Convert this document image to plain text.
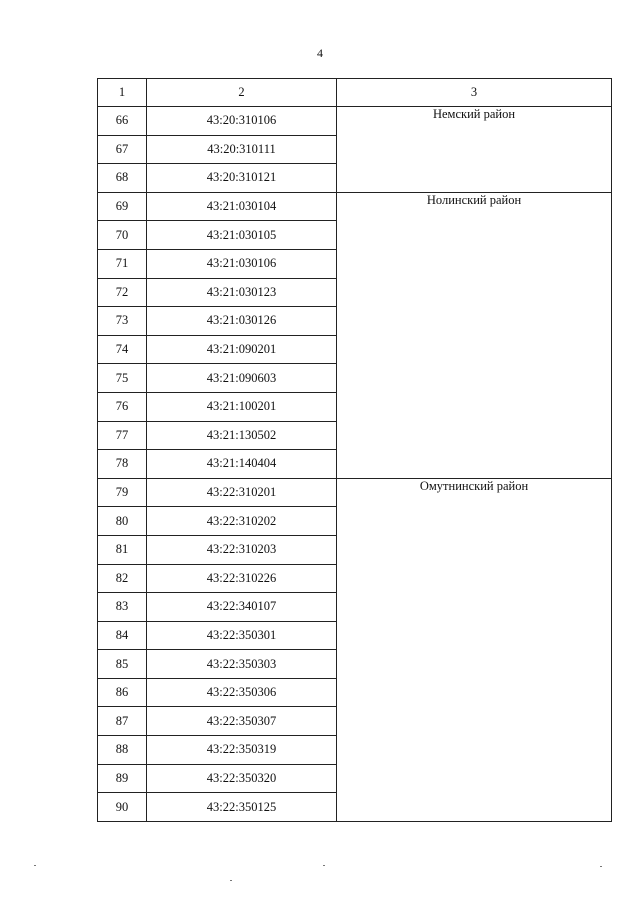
4
1	2	3
66	43:20:310106	Немский район
67	43:20:310111	
68	43:20:310121	
69	43:21:030104	Нолинский район
70	43:21:030105	
71	43:21:030106	
72	43:21:030123	
73	43:21:030126	
74	43:21:090201	
75	43:21:090603	
76	43:21:100201	
77	43:21:130502	
78	43:21:140404	
79	43:22:310201	Омутнинский район
80	43:22:310202	
81	43:22:310203	
82	43:22:310226	
83	43:22:340107	
84	43:22:350301	
85	43:22:350303	
86	43:22:350306	
87	43:22:350307	
88	43:22:350319	
89	43:22:350320	
90	43:22:350125	
